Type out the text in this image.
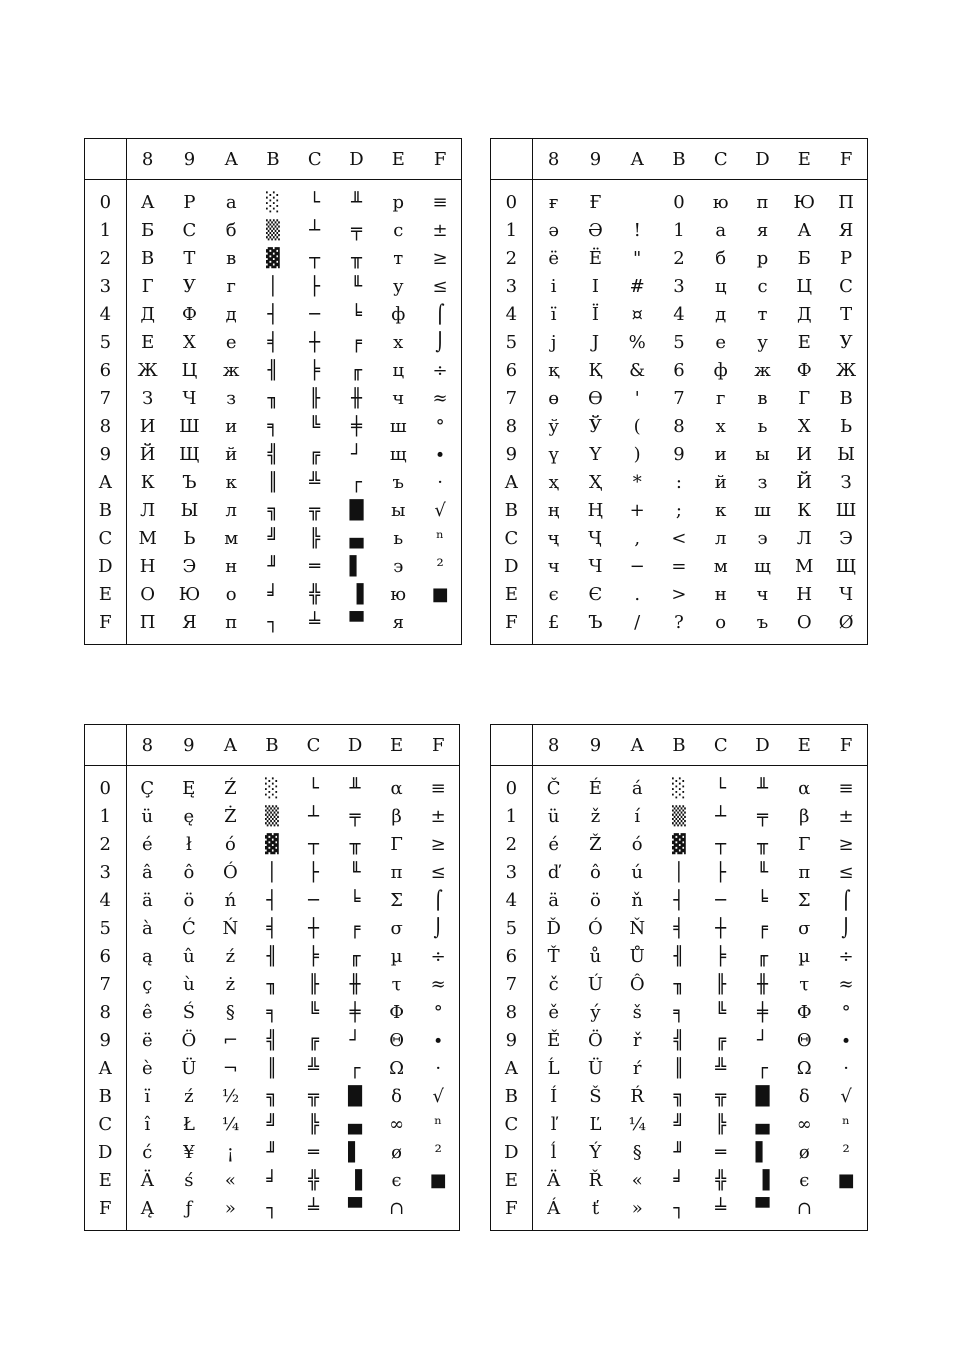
	8	9	A	B	C	D	E	F
0	А	Р	а	░	└	╨	р	≡
1	Б	С	б	▒	┴	╤	с	±
2	В	Т	в	▓	┬	╥	т	≥
3	Г	У	г	│	├	╙	у	≤
4	Д	Ф	д	┤	─	╘	ф	⌠
5	Е	Х	е	╡	┼	╒	х	⌡
6	Ж	Ц	ж	╢	╞	╓	ц	÷
7	З	Ч	з	╖	╟	╫	ч	≈
8	И	Ш	и	╕	╚	╪	ш	°
9	Й	Щ	й	╣	╔	┘	щ	∙
A	К	Ъ	к	║	╩	┌	ъ	·
B	Л	Ы	л	╗	╦	█	ы	√
C	М	Ь	м	╝	╠	▄	ь	ⁿ
D	Н	Э	н	╜	═	▌	э	²
E	О	Ю	о	╛	╬	▐	ю	■
F	П	Я	п	┐	╧	▀	я	
	8	9	A	B	C	D	E	F
0	ғ	Ғ		0	ю	п	Ю	П
1	ә	Ә	!	1	а	я	А	Я
2	ё	Ё	"	2	б	р	Б	Р
3	і	І	#	3	ц	с	Ц	С
4	ї	Ї	¤	4	д	т	Д	Т
5	ј	Ј	%	5	е	у	Е	У
6	қ	Қ	&	6	ф	ж	Ф	Ж
7	ө	Ө	'	7	г	в	Г	В
8	ў	Ў	(	8	х	ь	Х	Ь
9	ү	Ү	)	9	и	ы	И	Ы
A	ҳ	Ҳ	*	:	й	з	Й	З
B	ң	Ң	+	;	к	ш	К	Ш
C	ҷ	Ҷ	,	<	л	э	Л	Э
D	ч	Ч	−	=	м	щ	М	Щ
E	є	Є	.	>	н	ч	Н	Ч
F	£	Ъ	/	?	о	ъ	О	Ø
	8	9	A	B	C	D	E	F
0	Ç	Ę	Ź	░	└	╨	α	≡
1	ü	ę	Ż	▒	┴	╤	β	±
2	é	ł	ó	▓	┬	╥	Γ	≥
3	â	ô	Ó	│	├	╙	π	≤
4	ä	ö	ń	┤	─	╘	Σ	⌠
5	à	Ć	Ń	╡	┼	╒	σ	⌡
6	ą	û	ź	╢	╞	╓	µ	÷
7	ç	ù	ż	╖	╟	╫	τ	≈
8	ê	Ś	§	╕	╚	╪	Φ	°
9	ë	Ö	⌐	╣	╔	┘	Θ	∙
A	è	Ü	¬	║	╩	┌	Ω	·
B	ï	ź	½	╗	╦	█	δ	√
C	î	Ł	¼	╝	╠	▄	∞	ⁿ
D	ć	¥	¡	╜	═	▌	ø	²
E	Ä	ś	«	╛	╬	▐	є	■
F	Ą	ƒ	»	┐	╧	▀	∩	
	8	9	A	B	C	D	E	F
0	Č	É	á	░	└	╨	α	≡
1	ü	ž	í	▒	┴	╤	β	±
2	é	Ž	ó	▓	┬	╥	Γ	≥
3	ď	ô	ú	│	├	╙	π	≤
4	ä	ö	ň	┤	─	╘	Σ	⌠
5	Ď	Ó	Ň	╡	┼	╒	σ	⌡
6	Ť	ů	Ů	╢	╞	╓	µ	÷
7	č	Ú	Ô	╖	╟	╫	τ	≈
8	ě	ý	š	╕	╚	╪	Φ	°
9	Ě	Ö	ř	╣	╔	┘	Θ	∙
A	Ĺ	Ü	ŕ	║	╩	┌	Ω	·
B	Í	Š	Ŕ	╗	╦	█	δ	√
C	ľ	Ľ	¼	╝	╠	▄	∞	ⁿ
D	ĺ	Ý	§	╜	═	▌	ø	²
E	Ä	Ř	«	╛	╬	▐	є	■
F	Á	ť	»	┐	╧	▀	∩	
